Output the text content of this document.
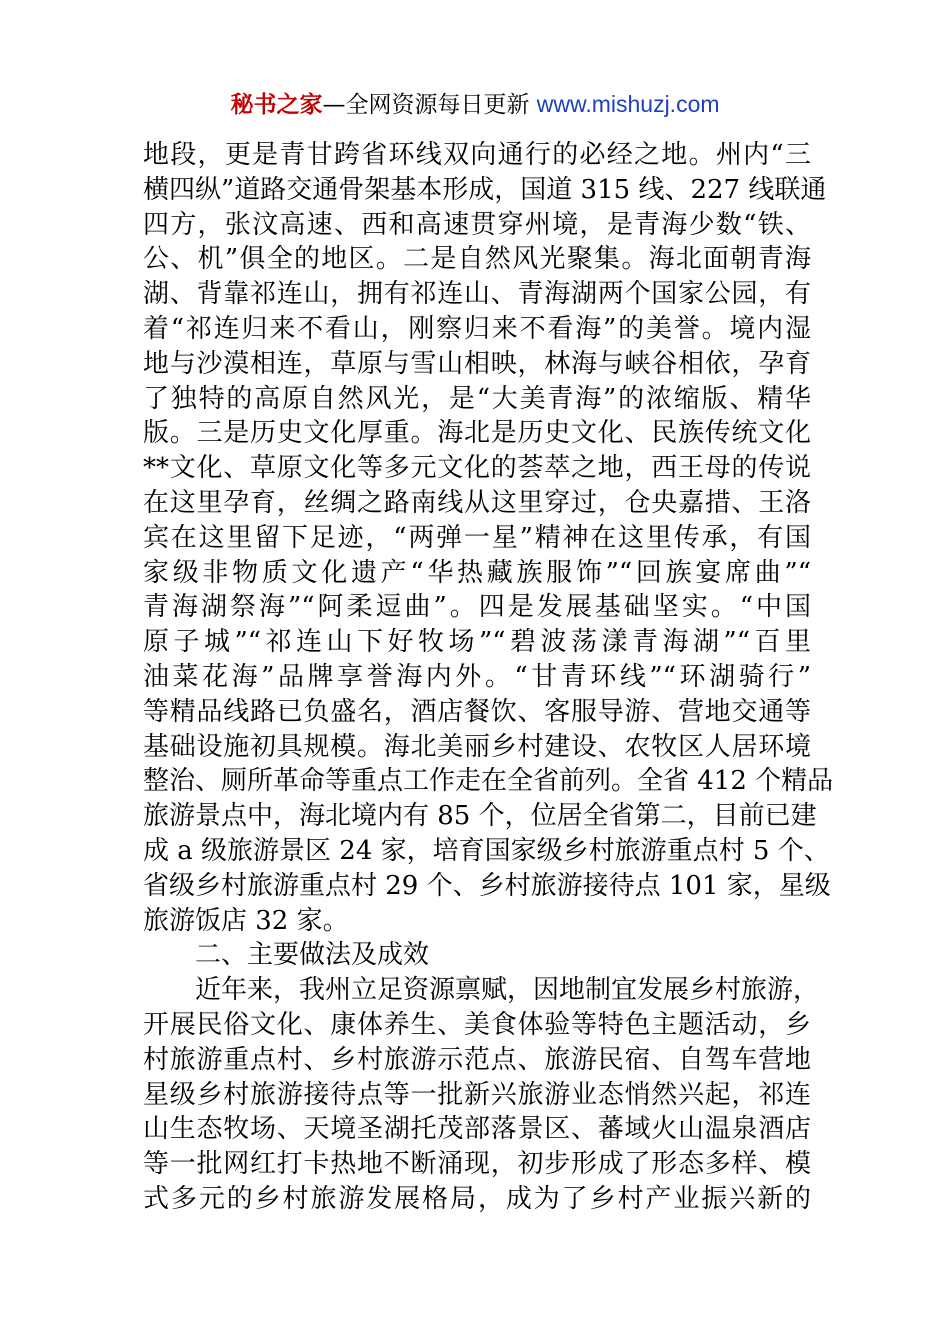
秘书之家—全网资源每日更新 www.mishuzj.com
地段，更是青甘跨省环线双向通行的必经之地。州内“三
横四纵”道路交通骨架基本形成，国道 315 线、227 线联通
四方，张汶高速、西和高速贯穿州境，是青海少数“铁、
公、机”俱全的地区。二是自然风光聚集。海北面朝青海
湖、背靠祁连山，拥有祁连山、青海湖两个国家公园，有
着“祁连归来不看山，刚察归来不看海”的美誉。境内湿
地与沙漠相连，草原与雪山相映，林海与峡谷相依，孕育
了独特的高原自然风光，是“大美青海”的浓缩版、精华
版。三是历史文化厚重。海北是历史文化、民族传统文化
**文化、草原文化等多元文化的荟萃之地，西王母的传说
在这里孕育，丝绸之路南线从这里穿过，仓央嘉措、王洛
宾在这里留下足迹，“两弹一星”精神在这里传承，有国
家级非物质文化遗产“华热藏族服饰”“回族宴席曲”“
青海湖祭海”“阿柔逗曲”。四是发展基础坚实。“中国
原子城”“祁连山下好牧场”“碧波荡漾青海湖”“百里
油菜花海”品牌享誉海内外。“甘青环线”“环湖骑行”
等精品线路已负盛名，酒店餐饮、客服导游、营地交通等
基础设施初具规模。海北美丽乡村建设、农牧区人居环境
整治、厕所革命等重点工作走在全省前列。全省 412 个精品
旅游景点中，海北境内有 85 个，位居全省第二，目前已建
成 a 级旅游景区 24 家，培育国家级乡村旅游重点村 5 个、
省级乡村旅游重点村 29 个、乡村旅游接待点 101 家，星级
旅游饭店 32 家。
二、主要做法及成效
近年来，我州立足资源禀赋，因地制宜发展乡村旅游，
开展民俗文化、康体养生、美食体验等特色主题活动，乡
村旅游重点村、乡村旅游示范点、旅游民宿、自驾车营地
星级乡村旅游接待点等一批新兴旅游业态悄然兴起，祁连
山生态牧场、天境圣湖托茂部落景区、蕃域火山温泉酒店
等一批网红打卡热地不断涌现，初步形成了形态多样、模
式多元的乡村旅游发展格局，成为了乡村产业振兴新的
